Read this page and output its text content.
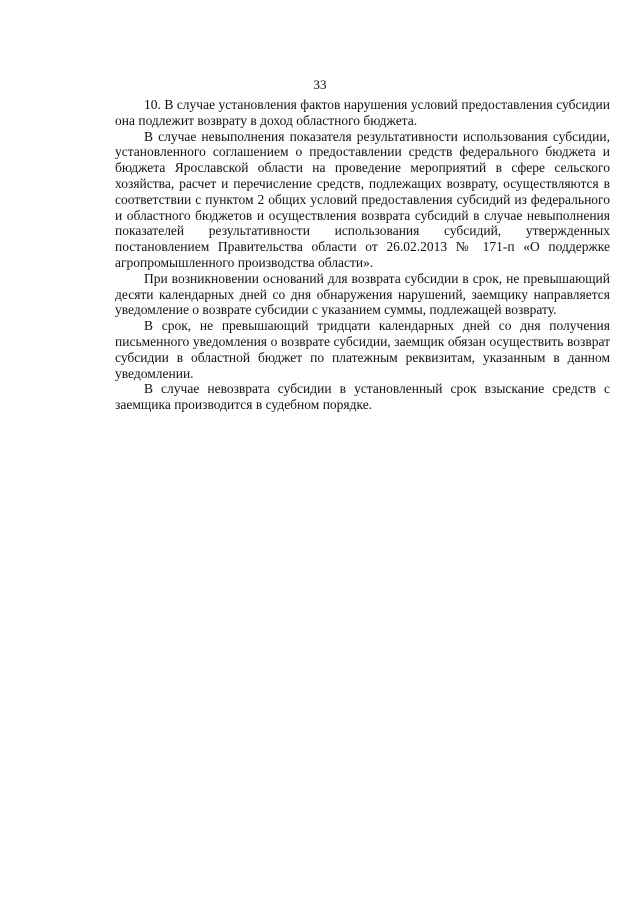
33

10. В случае установления фактов нарушения условий предоставления субсидии она подлежит возврату в доход областного бюджета.

В случае невыполнения показателя результативности использования субсидии, установленного соглашением о предоставлении средств федерального бюджета и бюджета Ярославской области на проведение мероприятий в сфере сельского хозяйства, расчет и перечисление средств, подлежащих возврату, осуществляются в соответствии с пунктом 2 общих условий предоставления субсидий из федерального и областного бюджетов и осуществления возврата субсидий в случае невыполнения показателей результативности использования субсидий, утвержденных постановлением Правительства области от 26.02.2013 № 171-п «О поддержке агропромышленного производства области».

При возникновении оснований для возврата субсидии в срок, не превышающий десяти календарных дней со дня обнаружения нарушений, заемщику направляется уведомление о возврате субсидии с указанием суммы, подлежащей возврату.

В срок, не превышающий тридцати календарных дней со дня получения письменного уведомления о возврате субсидии, заемщик обязан осуществить возврат субсидии в областной бюджет по платежным реквизитам, указанным в данном уведомлении.

В случае невозврата субсидии в установленный срок взыскание средств с заемщика производится в судебном порядке.
